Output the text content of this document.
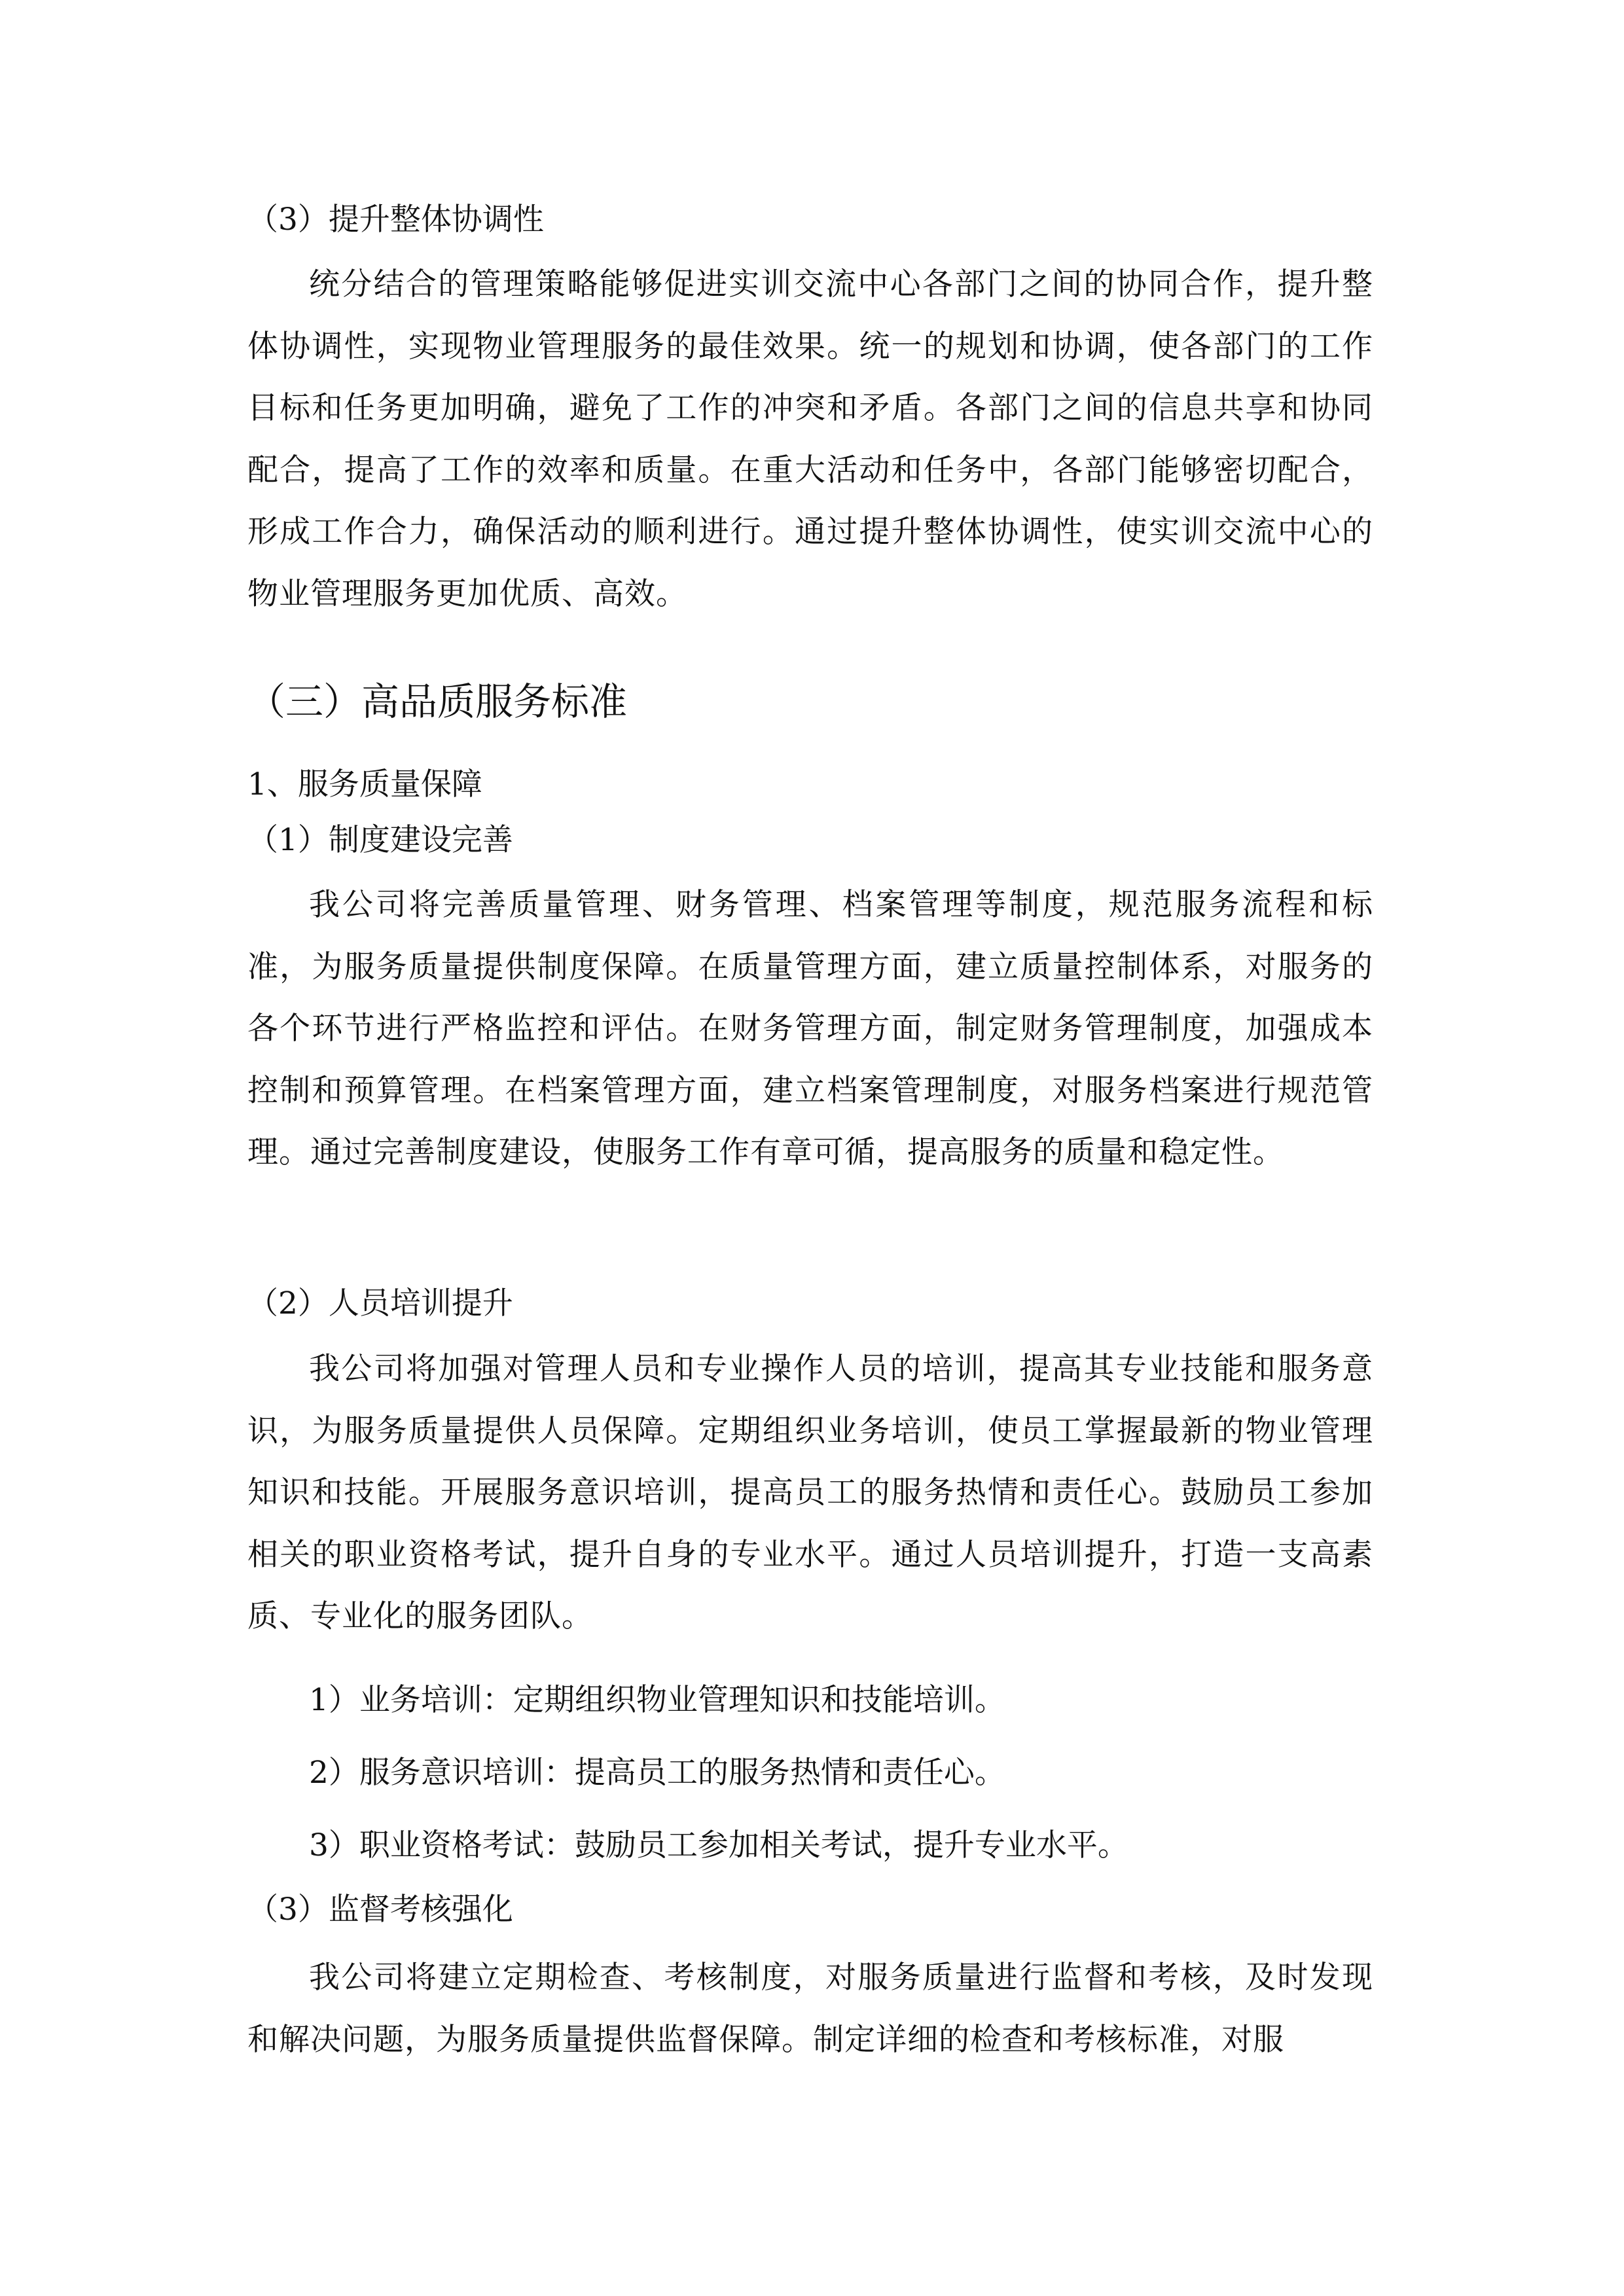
（3）提升整体协调性
统分结合的管理策略能够促进实训交流中心各部门之间的协同合作，提升整体协调性，实现物业管理服务的最佳效果。统一的规划和协调，使各部门的工作目标和任务更加明确，避免了工作的冲突和矛盾。各部门之间的信息共享和协同配合，提高了工作的效率和质量。在重大活动和任务中，各部门能够密切配合，形成工作合力，确保活动的顺利进行。通过提升整体协调性，使实训交流中心的物业管理服务更加优质、高效。
（三）高品质服务标准
1、服务质量保障
（1）制度建设完善
我公司将完善质量管理、财务管理、档案管理等制度，规范服务流程和标准，为服务质量提供制度保障。在质量管理方面，建立质量控制体系，对服务的各个环节进行严格监控和评估。在财务管理方面，制定财务管理制度，加强成本控制和预算管理。在档案管理方面，建立档案管理制度，对服务档案进行规范管理。通过完善制度建设，使服务工作有章可循，提高服务的质量和稳定性。
（2）人员培训提升
我公司将加强对管理人员和专业操作人员的培训，提高其专业技能和服务意识，为服务质量提供人员保障。定期组织业务培训，使员工掌握最新的物业管理知识和技能。开展服务意识培训，提高员工的服务热情和责任心。鼓励员工参加相关的职业资格考试，提升自身的专业水平。通过人员培训提升，打造一支高素质、专业化的服务团队。
1）业务培训：定期组织物业管理知识和技能培训。
2）服务意识培训：提高员工的服务热情和责任心。
3）职业资格考试：鼓励员工参加相关考试，提升专业水平。
（3）监督考核强化
我公司将建立定期检查、考核制度，对服务质量进行监督和考核，及时发现和解决问题，为服务质量提供监督保障。制定详细的检查和考核标准，对服
